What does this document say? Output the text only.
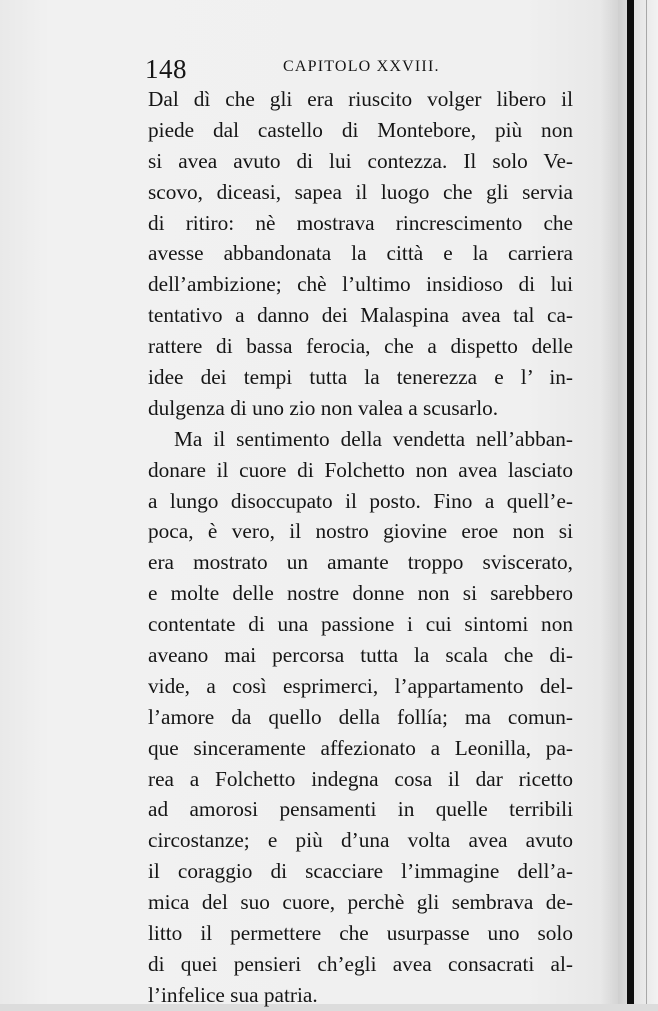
148	CAPITOLO XXVIII.
Dal dì che gli era riuscito volger libero il
piede dal castello di Montebore, più non
si avea avuto di lui contezza. Il solo Ve-
scovo, diceasi, sapea il luogo che gli servia
di ritiro: nè mostrava rincrescimento che
avesse abbandonata la città e la carriera
dell’ambizione; chè l’ultimo insidioso di lui
tentativo a danno dei Malaspina avea tal ca-
rattere di bassa ferocia, che a dispetto delle
idee dei tempi tutta la tenerezza e l’ in-
dulgenza di uno zio non valea a scusarlo.
Ma il sentimento della vendetta nell’abban-
donare il cuore di Folchetto non avea lasciato
a lungo disoccupato il posto. Fino a quell’e-
poca, è vero, il nostro giovine eroe non si
era mostrato un amante troppo sviscerato,
e molte delle nostre donne non si sarebbero
contentate di una passione i cui sintomi non
aveano mai percorsa tutta la scala che di-
vide, a così esprimerci, l’appartamento del-
l’amore da quello della follía; ma comun-
que sinceramente affezionato a Leonilla, pa-
rea a Folchetto indegna cosa il dar ricetto
ad amorosi pensamenti in quelle terribili
circostanze; e più d’una volta avea avuto
il coraggio di scacciare l’immagine dell’a-
mica del suo cuore, perchè gli sembrava de-
litto il permettere che usurpasse uno solo
di quei pensieri ch’egli avea consacrati al-
l’infelice sua patria.
